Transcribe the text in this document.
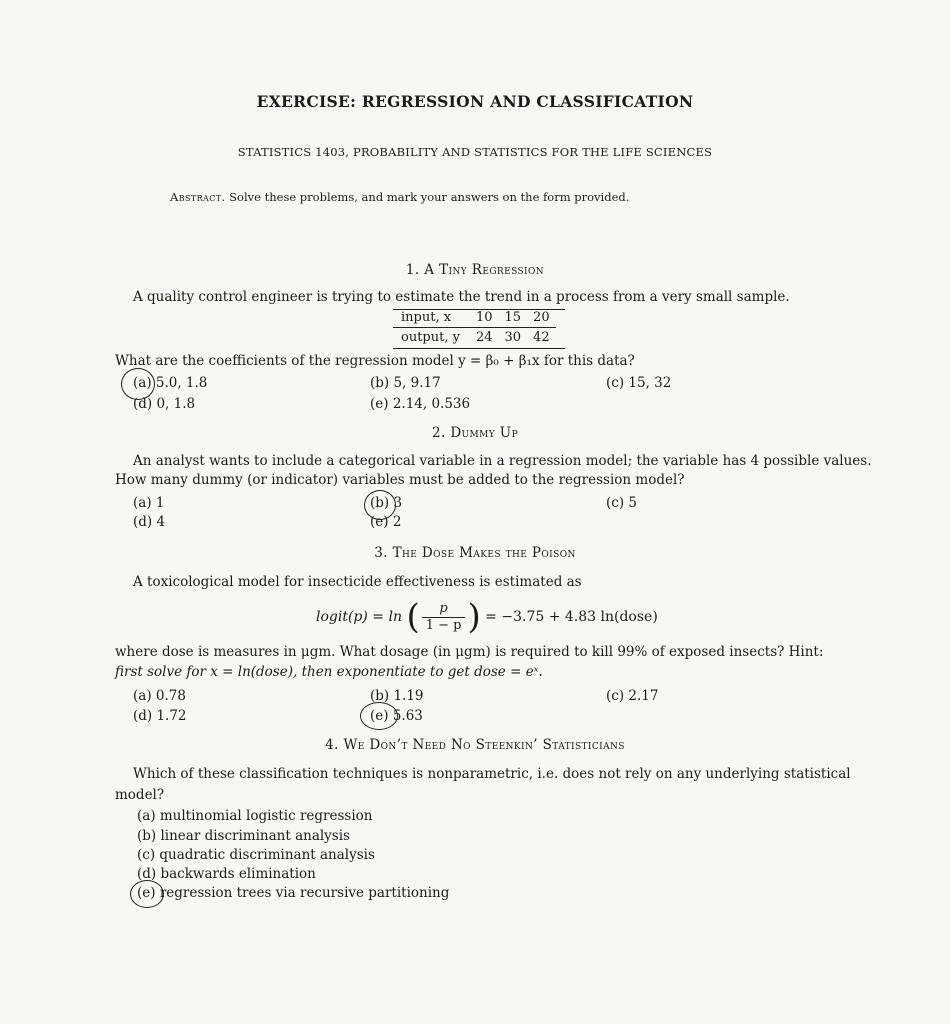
EXERCISE: REGRESSION AND CLASSIFICATION
STATISTICS 1403, PROBABILITY AND STATISTICS FOR THE LIFE SCIENCES
Abstract. Solve these problems, and mark your answers on the form provided.
1. A Tiny Regression
A quality control engineer is trying to estimate the trend in a process from a very small sample.
input, x	10	15	20
output, y	24	30	42
What are the coefficients of the regression model y = β₀ + β₁x for this data?
(a) 5.0, 1.8	(b) 5, 9.17	(c) 15, 32
(d) 0, 1.8	(e) 2.14, 0.536
2. Dummy Up
An analyst wants to include a categorical variable in a regression model; the variable has 4 possible values.
How many dummy (or indicator) variables must be added to the regression model?
(a) 1	(b) 3	(c) 5
(d) 4	(e) 2
3. The Dose Makes the Poison
A toxicological model for insecticide effectiveness is estimated as
logit(p) = ln ( $\frac{p}{1 - p}$ ) = −3.75 + 4.83 ln(dose)
where dose is measures in μgm. What dosage (in μgm) is required to kill 99% of exposed insects? Hint:
first solve for x = ln(dose), then exponentiate to get dose = eˣ.
(a) 0.78	(b) 1.19	(c) 2.17
(d) 1.72	(e) 5.63
4. We Don’t Need No Steenkin’ Statisticians
Which of these classification techniques is nonparametric, i.e. does not rely on any underlying statistical
model?
(a) multinomial logistic regression
(b) linear discriminant analysis
(c) quadratic discriminant analysis
(d) backwards elimination
(e) regression trees via recursive partitioning
